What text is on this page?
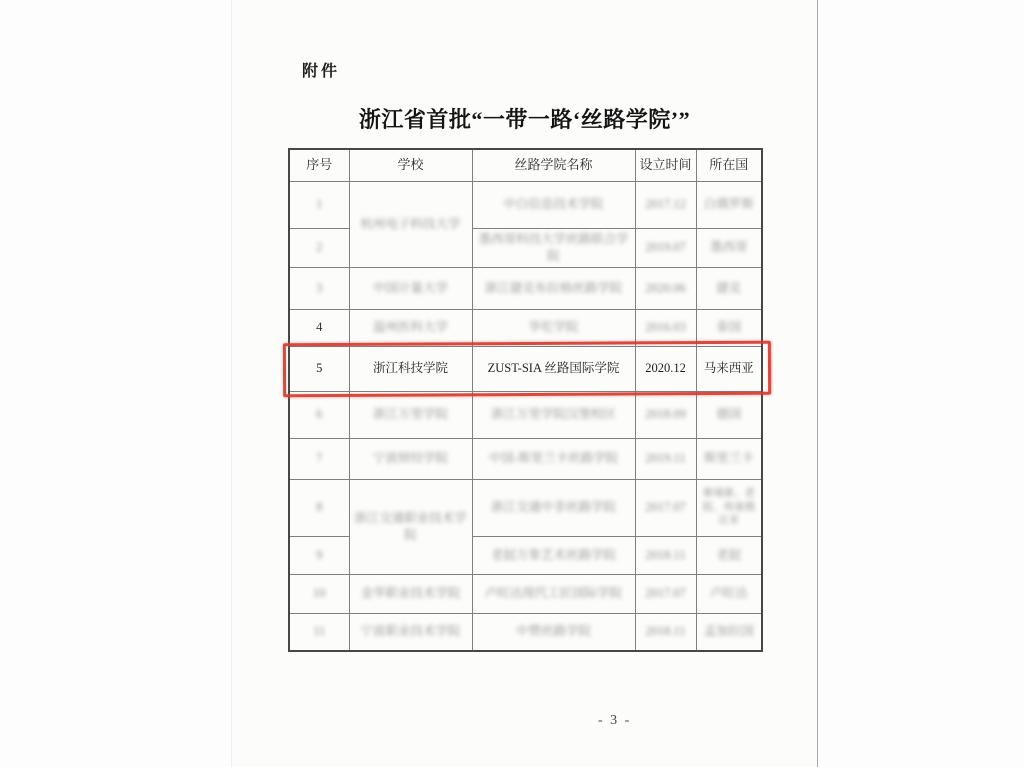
附件
浙江省首批“一带一路‘丝路学院’”
序号	学校	丝路学院名称	设立时间	所在国
1	杭州电子科技大学	中白信息技术学院	2017.12	白俄罗斯
2		墨西哥科技大学丝路联合学院	2019.07	墨西哥
3	中国计量大学	浙江捷克布拉格丝路学院	2020.06	捷克
4	温州医科大学	华佗学院	2016.03	泰国
5	浙江科技学院	ZUST-SIA 丝路国际学院	2020.12	马来西亚
6	浙江万里学院	浙江万里学院汉堡校区	2018.09	德国
7	宁波财经学院	中国-斯里兰卡丝路学院	2019.11	斯里兰卡
8	浙江交通职业技术学院	浙江交通中非丝路学院	2017.07	柬埔寨、老挝、埃塞俄比亚
9		老挝万象艺术丝路学院	2018.11	老挝
10	金华职业技术学院	卢旺达现代工匠国际学院	2017.07	卢旺达
11	宁波职业技术学院	中赞丝路学院	2018.11	孟加拉国
- 3 -
